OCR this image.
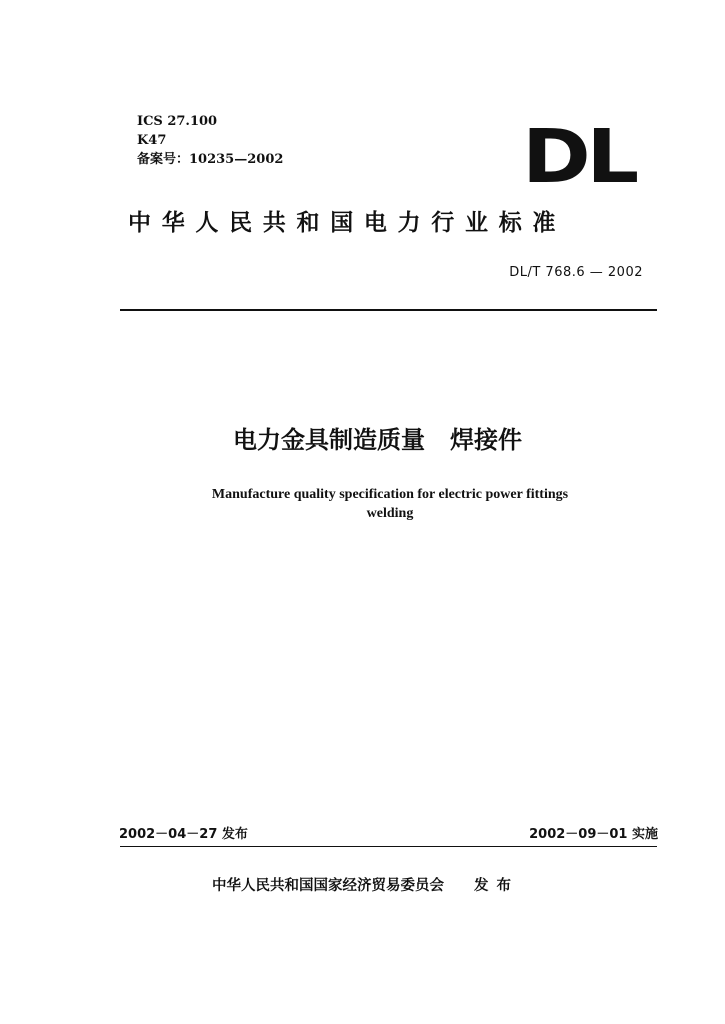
ICS 27.100
K47
备案号：10235—2002	DL
中华人民共和国电力行业标准
DL/T 768.6 — 2002
电力金具制造质量   焊接件
Manufacture quality specification for electric power fittings
welding
2002－04－27 发布	2002－09－01 实施
中华人民共和国国家经济贸易委员会 发布
